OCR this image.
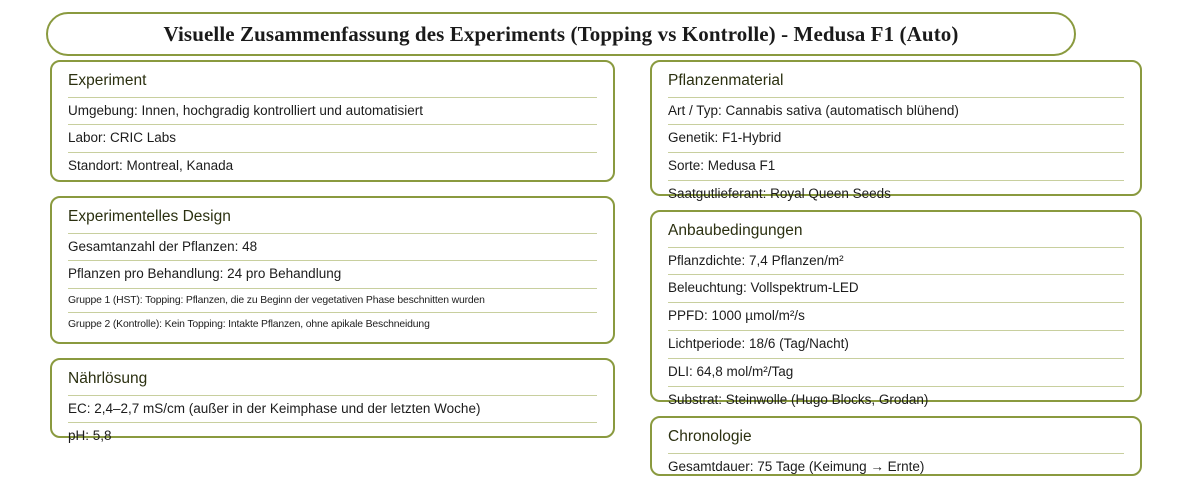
Visuelle Zusammenfassung des Experiments (Topping vs Kontrolle) - Medusa F1 (Auto)
Experiment
Umgebung: Innen, hochgradig kontrolliert und automatisiert
Labor: CRIC Labs
Standort: Montreal, Kanada
Experimentelles Design
Gesamtanzahl der Pflanzen: 48
Pflanzen pro Behandlung: 24 pro Behandlung
Gruppe 1 (HST): Topping: Pflanzen, die zu Beginn der vegetativen Phase beschnitten wurden
Gruppe 2 (Kontrolle): Kein Topping: Intakte Pflanzen, ohne apikale Beschneidung
Nährlösung
EC: 2,4–2,7 mS/cm (außer in der Keimphase und der letzten Woche)
pH: 5,8
Pflanzenmaterial
Art / Typ: Cannabis sativa (automatisch blühend)
Genetik: F1-Hybrid
Sorte: Medusa F1
Saatgutlieferant: Royal Queen Seeds
Anbaubedingungen
Pflanzdichte: 7,4 Pflanzen/m²
Beleuchtung: Vollspektrum-LED
PPFD: 1000 µmol/m²/s
Lichtperiode: 18/6 (Tag/Nacht)
DLI: 64,8 mol/m²/Tag
Substrat: Steinwolle (Hugo Blocks, Grodan)
Chronologie
Gesamtdauer: 75 Tage (Keimung → Ernte)
